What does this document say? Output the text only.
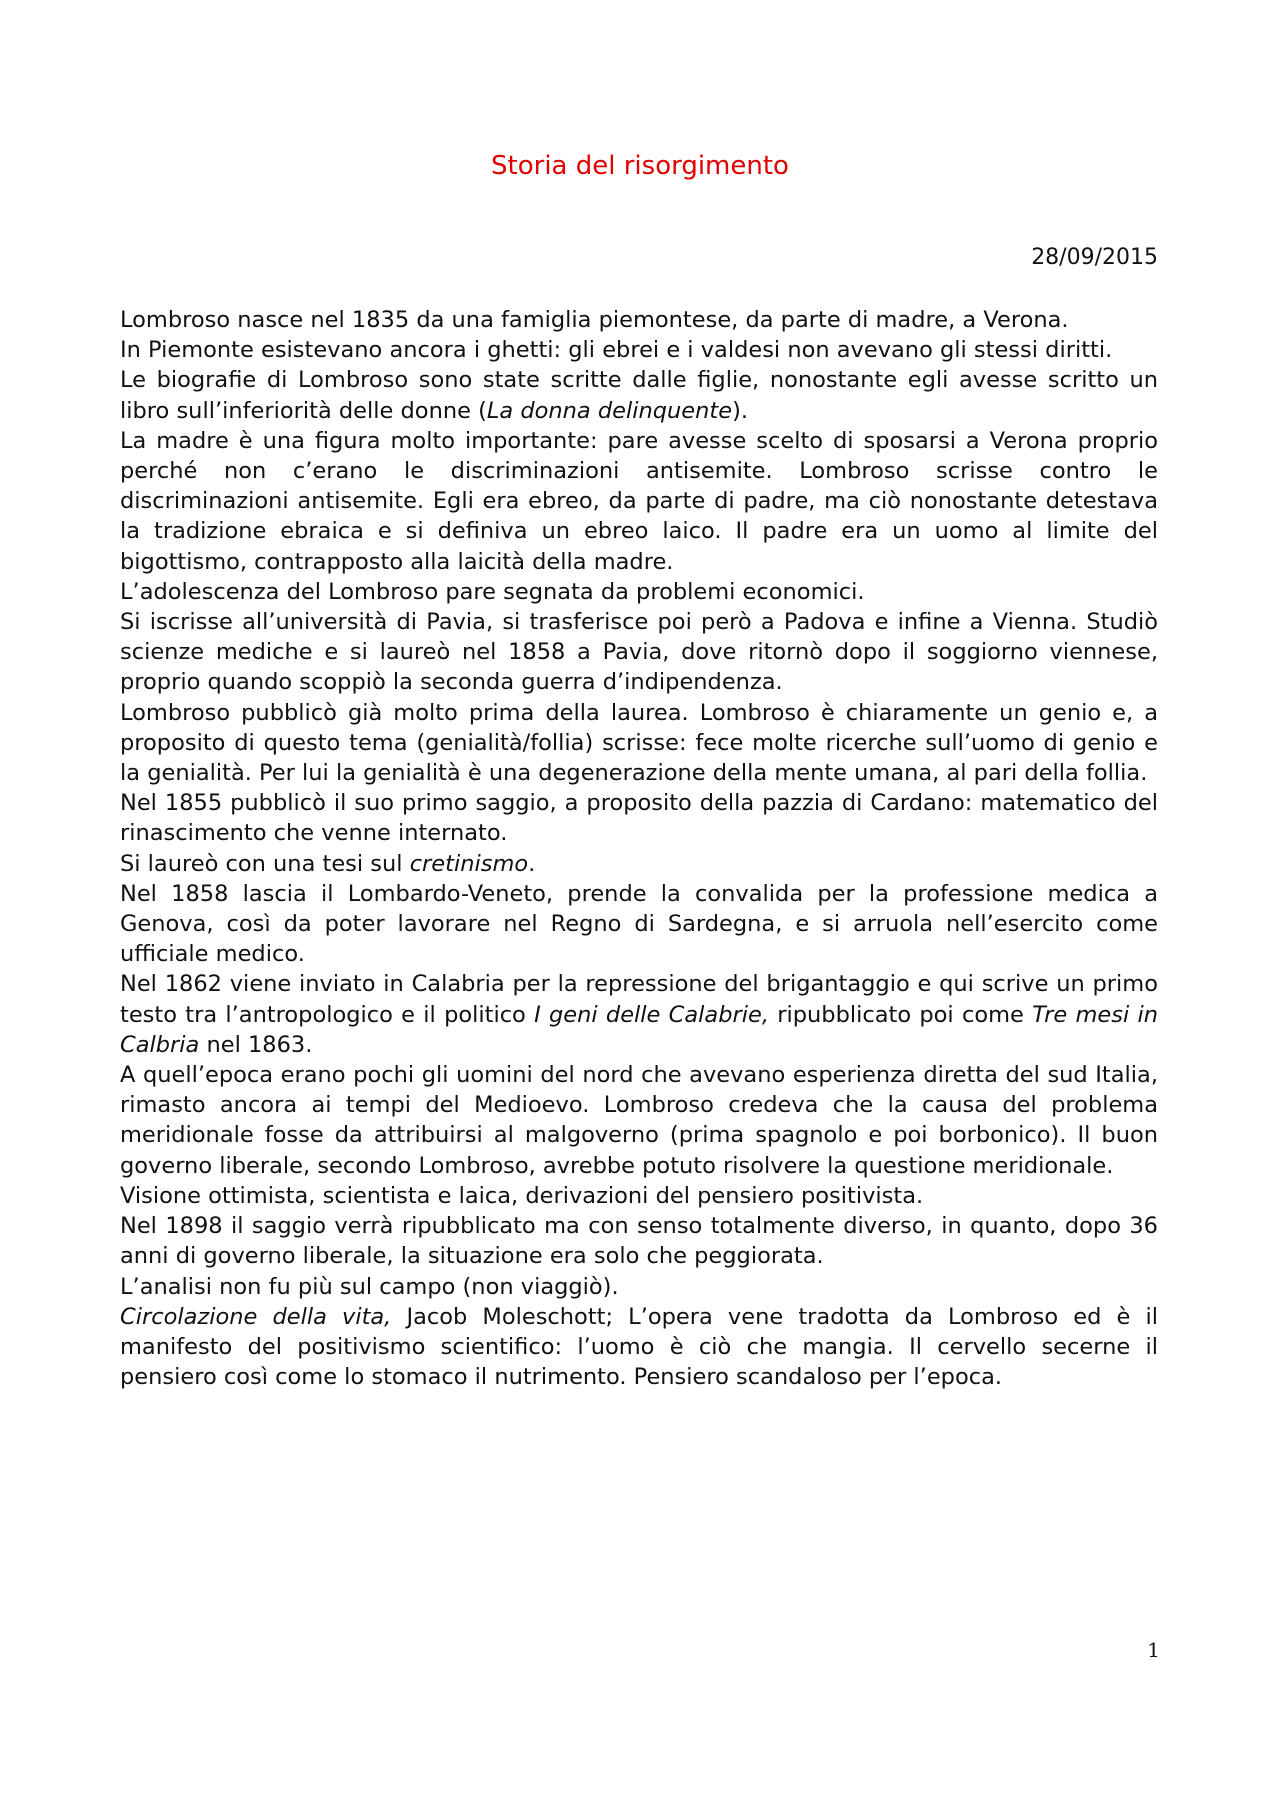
Storia del risorgimento
28/09/2015

Lombroso nasce nel 1835 da una famiglia piemontese, da parte di madre, a Verona.

In Piemonte esistevano ancora i ghetti: gli ebrei e i valdesi non avevano gli stessi diritti.

Le biografie di Lombroso sono state scritte dalle figlie, nonostante egli avesse scritto un libro sull’inferiorità delle donne (La donna delinquente).

La madre è una figura molto importante: pare avesse scelto di sposarsi a Verona proprio perché non c’erano le discriminazioni antisemite. Lombroso scrisse contro le discriminazioni antisemite. Egli era ebreo, da parte di padre, ma ciò nonostante detestava la tradizione ebraica e si definiva un ebreo laico. Il padre era un uomo al limite del bigottismo, contrapposto alla laicità della madre.

L’adolescenza del Lombroso pare segnata da problemi economici.

Si iscrisse all’università di Pavia, si trasferisce poi però a Padova e infine a Vienna. Studiò scienze mediche e si laureò nel 1858 a Pavia, dove ritornò dopo il soggiorno viennese, proprio quando scoppiò la seconda guerra d’indipendenza.

Lombroso pubblicò già molto prima della laurea. Lombroso è chiaramente un genio e, a proposito di questo tema (genialità/follia) scrisse: fece molte ricerche sull’uomo di genio e la genialità. Per lui la genialità è una degenerazione della mente umana, al pari della follia.

Nel 1855 pubblicò il suo primo saggio, a proposito della pazzia di Cardano: matematico del rinascimento che venne internato.

Si laureò con una tesi sul cretinismo.

Nel 1858 lascia il Lombardo-Veneto, prende la convalida per la professione medica a Genova, così da poter lavorare nel Regno di Sardegna, e si arruola nell’esercito come ufficiale medico.

Nel 1862 viene inviato in Calabria per la repressione del brigantaggio e qui scrive un primo testo tra l’antropologico e il politico I geni delle Calabrie, ripubblicato poi come Tre mesi in Calbria nel 1863.

A quell’epoca erano pochi gli uomini del nord che avevano esperienza diretta del sud Italia, rimasto ancora ai tempi del Medioevo. Lombroso credeva che la causa del problema meridionale fosse da attribuirsi al malgoverno (prima spagnolo e poi borbonico). Il buon governo liberale, secondo Lombroso, avrebbe potuto risolvere la questione meridionale.

Visione ottimista, scientista e laica, derivazioni del pensiero positivista.

Nel 1898 il saggio verrà ripubblicato ma con senso totalmente diverso, in quanto, dopo 36 anni di governo liberale, la situazione era solo che peggiorata.

L’analisi non fu più sul campo (non viaggiò).

Circolazione della vita, Jacob Moleschott; L’opera vene tradotta da Lombroso ed è il manifesto del positivismo scientifico: l’uomo è ciò che mangia. Il cervello secerne il pensiero così come lo stomaco il nutrimento. Pensiero scandaloso per l’epoca.

1
